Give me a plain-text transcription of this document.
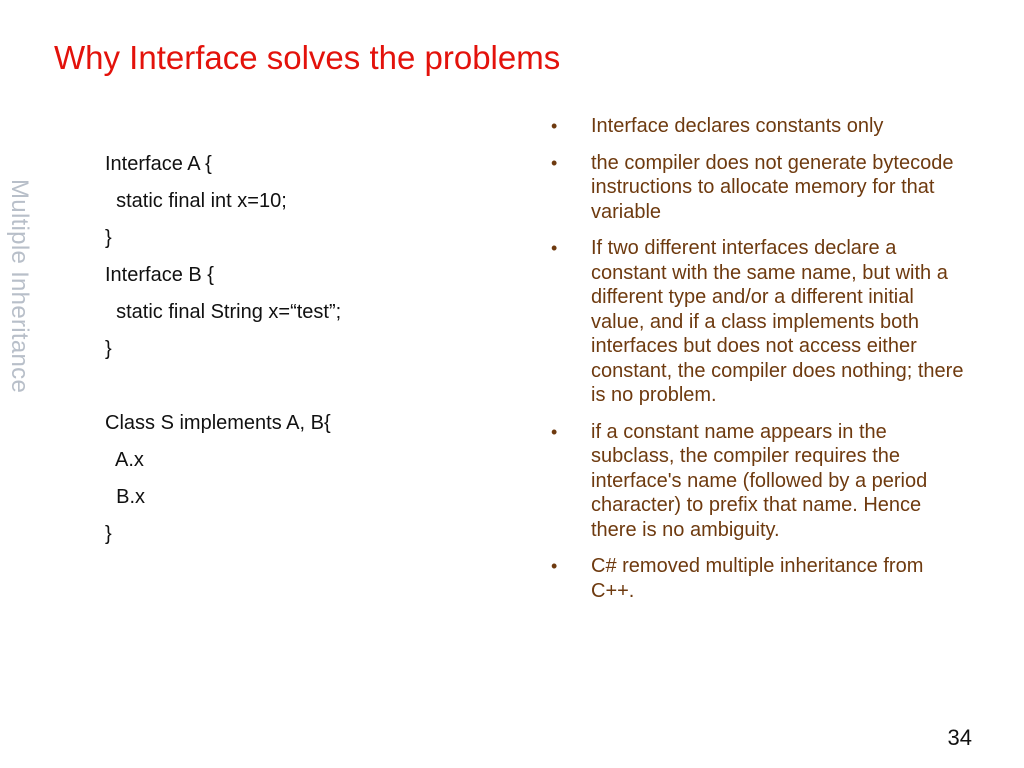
Why Interface solves the problems
Multiple Inheritance
Interface A {
static final int x=10;
}
Interface B {
static final String x=“test”;
}
Class S implements A, B{
A.x
B.x
}
• Interface declares constants only
• the compiler does not generate bytecode instructions to allocate memory for that variable
• If two different interfaces declare a constant with the same name, but with a different type and/or a different initial value, and if a class implements both interfaces but does not access either constant, the compiler does nothing; there is no problem.
• if a constant name appears in the subclass, the compiler requires the interface's name (followed by a period character) to prefix that name. Hence there is no ambiguity.
• C# removed multiple inheritance from C++.
34
